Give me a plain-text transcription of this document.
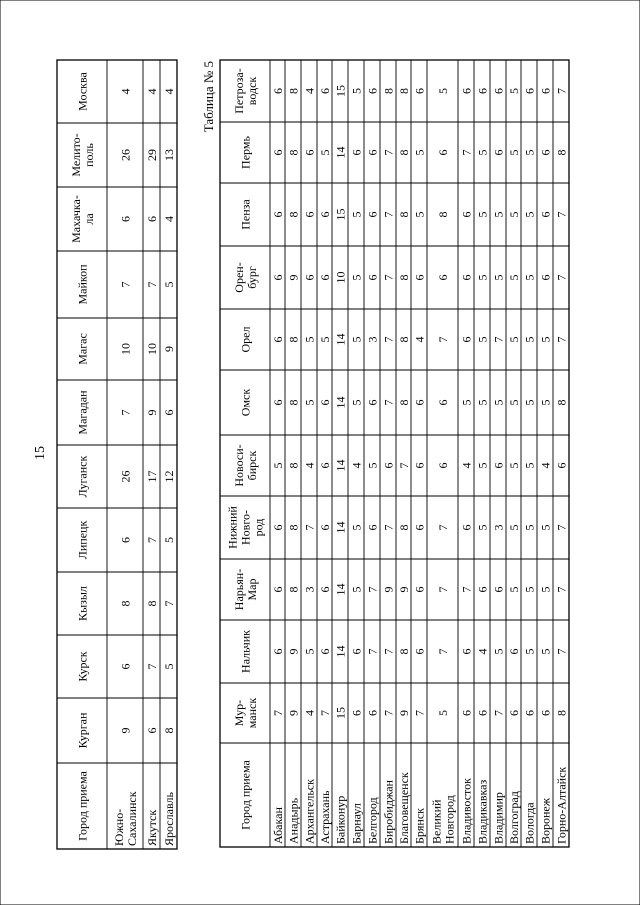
15
Город приема
Курган
Курск
Кызыл
Липецк
Луганск
Магадан
Магас
Майкоп
Махачка-ла
Мелито-поль
Москва
Южно-Сахалинск
9
6
8
6
26
7
10
7
6
26
4
Якутск
6
7
8
7
17
9
10
7
6
29
4
Ярославль
8
5
7
5
12
6
9
5
4
13
4 Таблица № 5
Город приема
Мур-манск
Нальчик
Нарьян-Мар
НижнийНовго-род
Новоси-бирск
Омск
Орел
Орен-бург
Пенза
Пермь
Петроза-водск
Абакан
7
6
6
6
5
6
6
6
6
6
6
Анадырь
9
9
8
8
8
8
8
9
8
8
8
Архангельск
4
5
3
7
4
5
5
6
6
6
4
Астрахань
7
6
6
6
6
6
5
6
6
5
6
Байконур
15
14
14
14
14
14
14
10
15
14
15
Барнаул
6
6
5
5
4
5
5
5
5
6
5
Белгород
6
7
7
6
5
6
3
6
6
6
6
Биробиджан
7
7
9
7
6
7
7
7
7
7
8
Благовещенск
9
8
9
8
7
8
8
8
8
8
8
Брянск
7
6
6
6
6
6
4
6
5
5
6
ВеликийНовгород
5
7
7
7
6
6
7
6
8
6
5
Владивосток
6
6
7
6
4
5
6
6
6
7
6
Владикавказ
6
4
6
5
5
5
5
5
5
5
6
Владимир
7
5
6
3
6
5
7
5
5
6
6
Волгоград
6
6
5
5
5
5
5
5
5
5
5
Вологда
6
5
5
5
5
5
5
5
5
5
6
Воронеж
6
5
5
5
4
5
5
6
6
6
6
Горно-Алтайск
8
7
7
7
6
8
7
7
7
8
7
